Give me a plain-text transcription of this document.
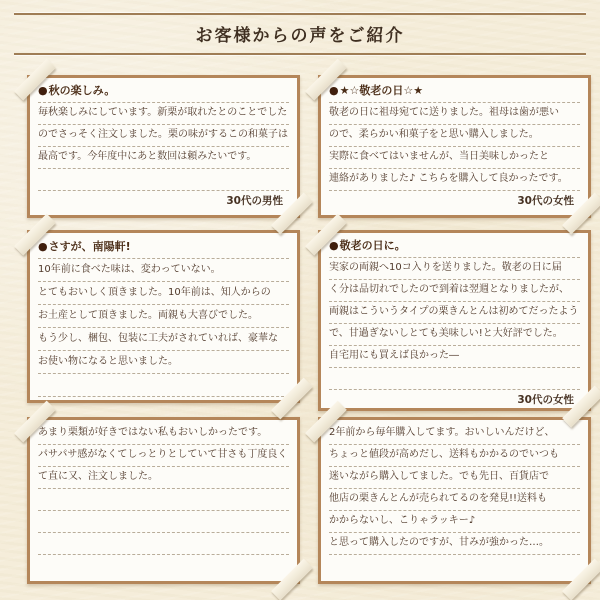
お客様からの声をご紹介
●秋の楽しみ。
毎秋楽しみにしています。新栗が取れたとのことでした
のでさっそく注文しました。栗の味がするこの和菓子は
最高です。今年度中にあと数回は頼みたいです。
30代の男性
●★☆敬老の日☆★
敬老の日に祖母宛てに送りました。祖母は歯が悪い
ので、柔らかい和菓子をと思い購入しました。
実際に食べてはいませんが、当日美味しかったと
連絡がありました♪ こちらを購入して良かったです。
30代の女性
●さすが、南陽軒!
10年前に食べた味は、変わっていない。
とてもおいしく頂きました。10年前は、知人からの
お土産として頂きました。両親も大喜びでした。
もう少し、梱包、包装に工夫がされていれば、豪華な
お使い物になると思いました。
●敬老の日に。
実家の両親へ10コ入りを送りました。敬老の日に届
く分は品切れでしたので到着は翌週となりましたが、
両親はこういうタイプの栗きんとんは初めてだったよう
で、甘過ぎないしとても美味しい!と大好評でした。
自宅用にも買えば良かった―
30代の女性
あまり栗類が好きではない私もおいしかったです。
パサパサ感がなくてしっとりとしていて甘さも丁度良く
て直に又、注文しました。
2年前から毎年購入してます。おいしいんだけど、
ちょっと値段が高めだし、送料もかかるのでいつも
迷いながら購入してました。でも先日、百貨店で
他店の栗きんとんが売られてるのを発見!!送料も
かからないし、こりゃラッキー♪
と思って購入したのですが、甘みが強かった…。
